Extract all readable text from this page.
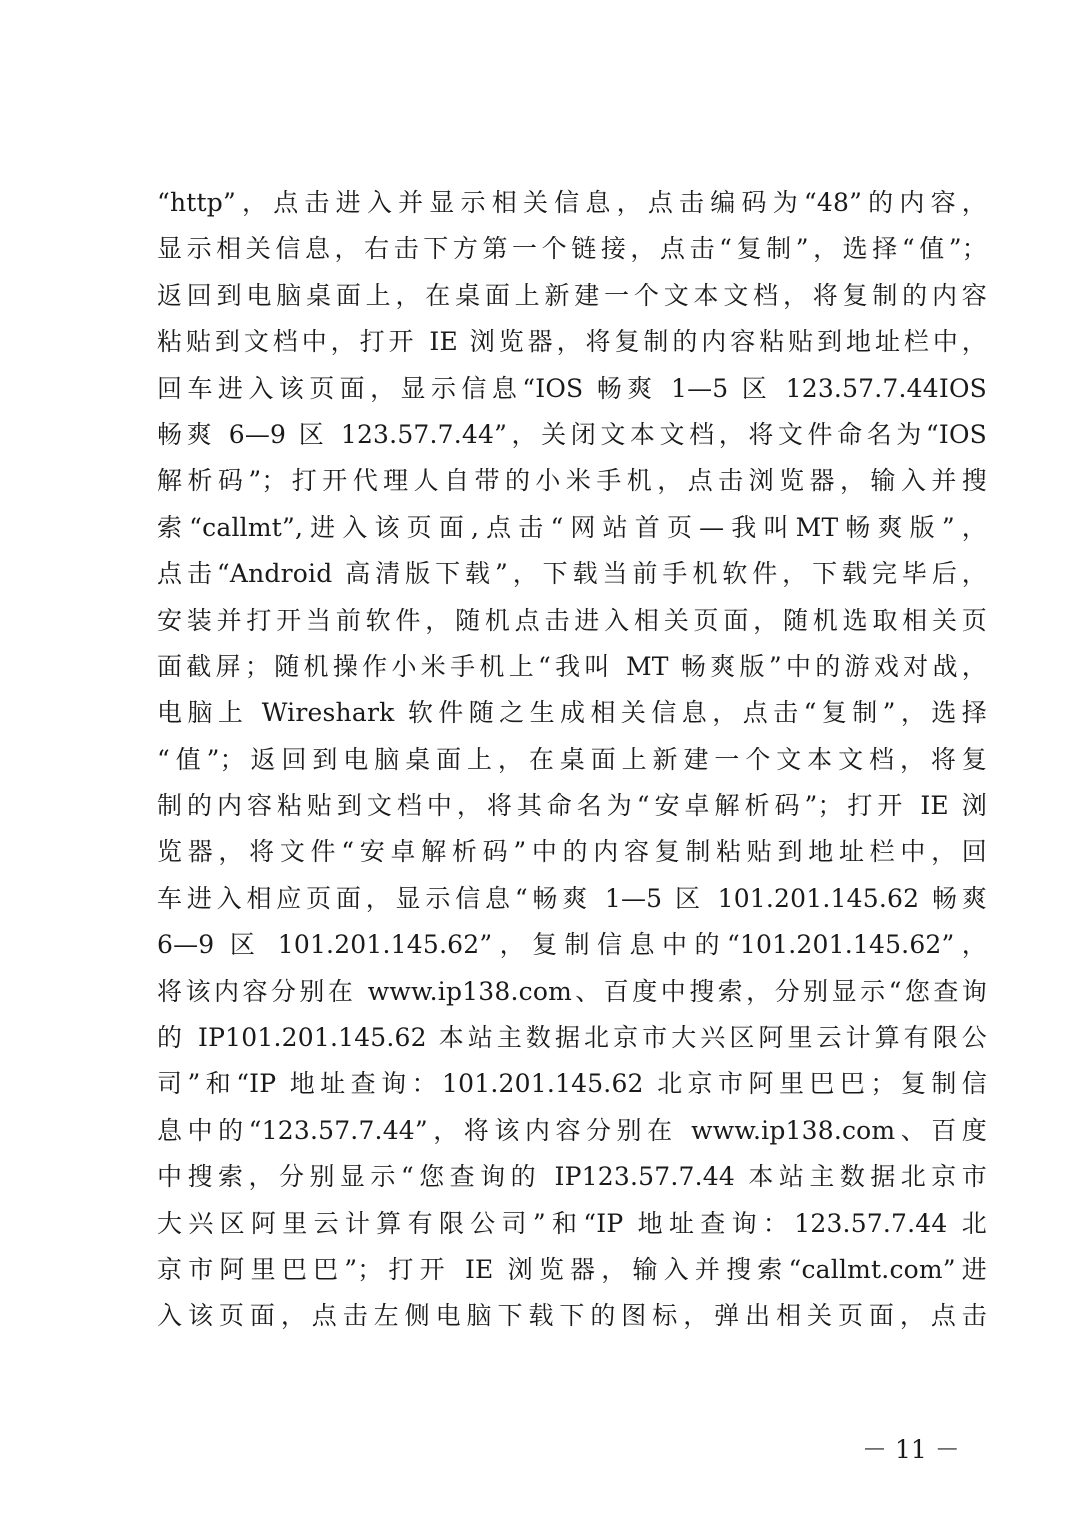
“http”，点击进入并显示相关信息，点击编码为“48”的内容，
显示相关信息，右击下方第一个链接，点击“复制”，选择“值”；
返回到电脑桌面上，在桌面上新建一个文本文档，将复制的内容
粘贴到文档中，打开 IE 浏览器，将复制的内容粘贴到地址栏中，
回车进入该页面，显示信息“IOS 畅爽 1—5 区 123.57.7.44IOS
畅爽 6—9 区 123.57.7.44”，关闭文本文档，将文件命名为“IOS
解析码”；打开代理人自带的小米手机，点击浏览器，输入并搜
索“callmt”,进入该页面,点击“网站首页—我叫MT畅爽版”，
点击“Android 高清版下载”，下载当前手机软件，下载完毕后，
安装并打开当前软件，随机点击进入相关页面，随机选取相关页
面截屏；随机操作小米手机上“我叫 MT 畅爽版”中的游戏对战，
电脑上 Wireshark 软件随之生成相关信息，点击“复制”，选择
“值”；返回到电脑桌面上，在桌面上新建一个文本文档，将复
制的内容粘贴到文档中，将其命名为“安卓解析码”；打开 IE 浏
览器，将文件“安卓解析码”中的内容复制粘贴到地址栏中，回
车进入相应页面，显示信息“畅爽 1—5 区 101.201.145.62 畅爽
6—9 区 101.201.145.62”，复制信息中的“101.201.145.62”，
将该内容分别在 www.ip138.com、百度中搜索，分别显示“您查询
的 IP101.201.145.62 本站主数据北京市大兴区阿里云计算有限公
司”和“IP 地址查询：101.201.145.62 北京市阿里巴巴；复制信
息中的“123.57.7.44”，将该内容分别在 www.ip138.com、百度
中搜索，分别显示“您查询的 IP123.57.7.44 本站主数据北京市
大兴区阿里云计算有限公司”和“IP 地址查询：123.57.7.44 北
京市阿里巴巴”；打开 IE 浏览器，输入并搜索“callmt.com”进
入该页面，点击左侧电脑下载下的图标，弹出相关页面，点击
－ 11 －
